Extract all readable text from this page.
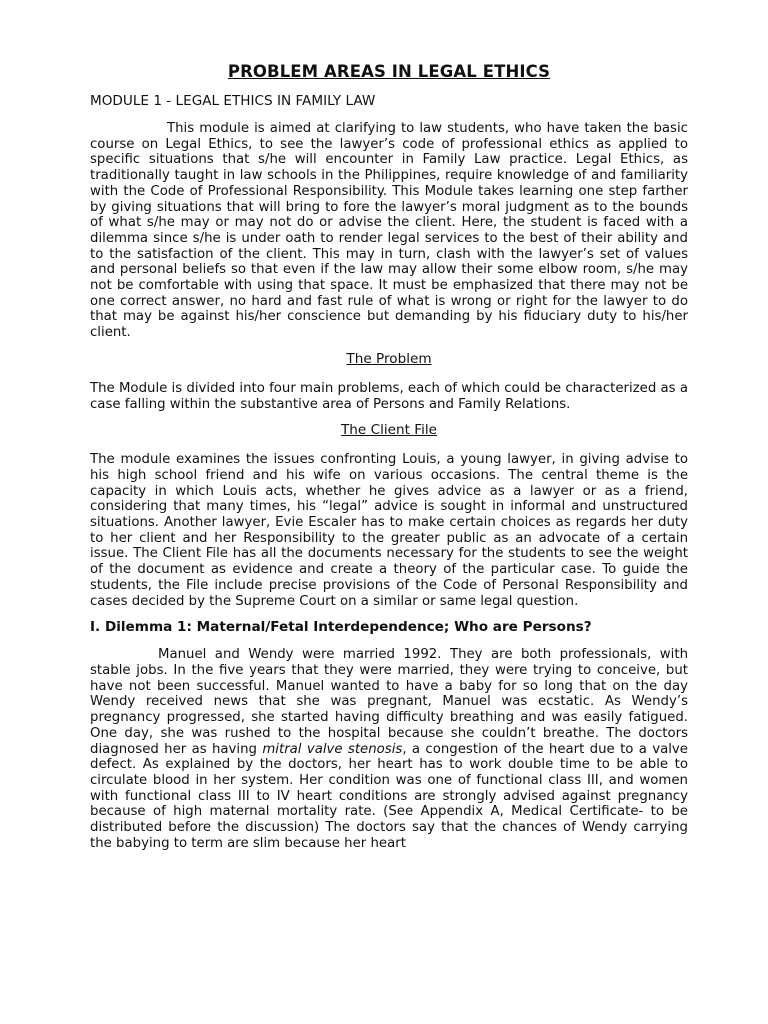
PROBLEM AREAS IN LEGAL ETHICS
MODULE 1 - LEGAL ETHICS IN FAMILY LAW

This module is aimed at clarifying to law students, who have taken the basic course on Legal Ethics, to see the lawyer’s code of professional ethics as applied to specific situations that s/he will encounter in Family Law practice. Legal Ethics, as traditionally taught in law schools in the Philippines, require knowledge of and familiarity with the Code of Professional Responsibility. This Module takes learning one step farther by giving situations that will bring to fore the lawyer’s moral judgment as to the bounds of what s/he may or may not do or advise the client. Here, the student is faced with a dilemma since s/he is under oath to render legal services to the best of their ability and to the satisfaction of the client. This may in turn, clash with the lawyer’s set of values and personal beliefs so that even if the law may allow their some elbow room, s/he may not be comfortable with using that space. It must be emphasized that there may not be one correct answer, no hard and fast rule of what is wrong or right for the lawyer to do that may be against his/her conscience but demanding by his fiduciary duty to his/her client.

The Problem

The Module is divided into four main problems, each of which could be characterized as a case falling within the substantive area of Persons and Family Relations.

The Client File

The module examines the issues confronting Louis, a young lawyer, in giving advise to his high school friend and his wife on various occasions. The central theme is the capacity in which Louis acts, whether he gives advice as a lawyer or as a friend, considering that many times, his “legal” advice is sought in informal and unstructured situations. Another lawyer, Evie Escaler has to make certain choices as regards her duty to her client and her Responsibility to the greater public as an advocate of a certain issue. The Client File has all the documents necessary for the students to see the weight of the document as evidence and create a theory of the particular case. To guide the students, the File include precise provisions of the Code of Personal Responsibility and cases decided by the Supreme Court on a similar or same legal question.

I. Dilemma 1: Maternal/Fetal Interdependence; Who are Persons?

Manuel and Wendy were married 1992. They are both professionals, with stable jobs. In the five years that they were married, they were trying to conceive, but have not been successful. Manuel wanted to have a baby for so long that on the day Wendy received news that she was pregnant, Manuel was ecstatic. As Wendy’s pregnancy progressed, she started having difficulty breathing and was easily fatigued. One day, she was rushed to the hospital because she couldn’t breathe. The doctors diagnosed her as having mitral valve stenosis, a congestion of the heart due to a valve defect. As explained by the doctors, her heart has to work double time to be able to circulate blood in her system. Her condition was one of functional class III, and women with functional class III to IV heart conditions are strongly advised against pregnancy because of high maternal mortality rate. (See Appendix A, Medical Certificate- to be distributed before the discussion) The doctors say that the chances of Wendy carrying the babying to term are slim because her heart
